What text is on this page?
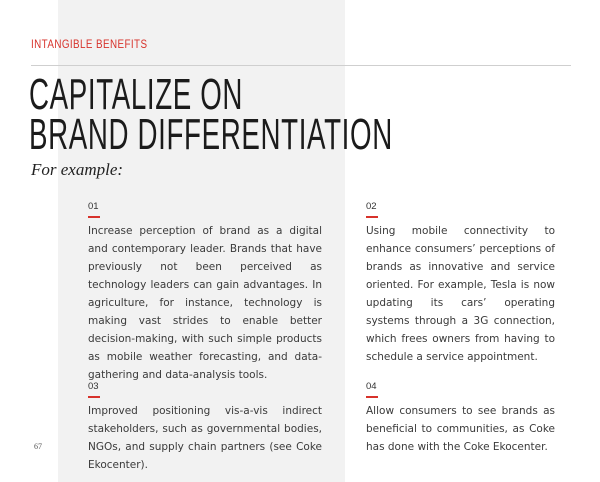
INTANGIBLE BENEFITS
CAPITALIZE ON
BRAND DIFFERENTIATION
For example:
01

Increase perception of brand as a digital and contemporary leader. Brands that have previously not been perceived as technology leaders can gain advantages. In agriculture, for instance, technology is making vast strides to enable better decision-making, with such simple products as mobile weather forecasting, and data-gathering and data-analysis tools.

02

Using mobile connectivity to enhance consumers’ perceptions of brands as innovative and service oriented. For example, Tesla is now updating its cars’ operating systems through a 3G connection, which frees owners from having to schedule a service appointment.

03

Improved positioning vis-a-vis indirect stakeholders, such as governmental bodies, NGOs, and supply chain partners (see Coke Ekocenter).

04

Allow consumers to see brands as beneficial to communities, as Coke has done with the Coke Ekocenter.

67
